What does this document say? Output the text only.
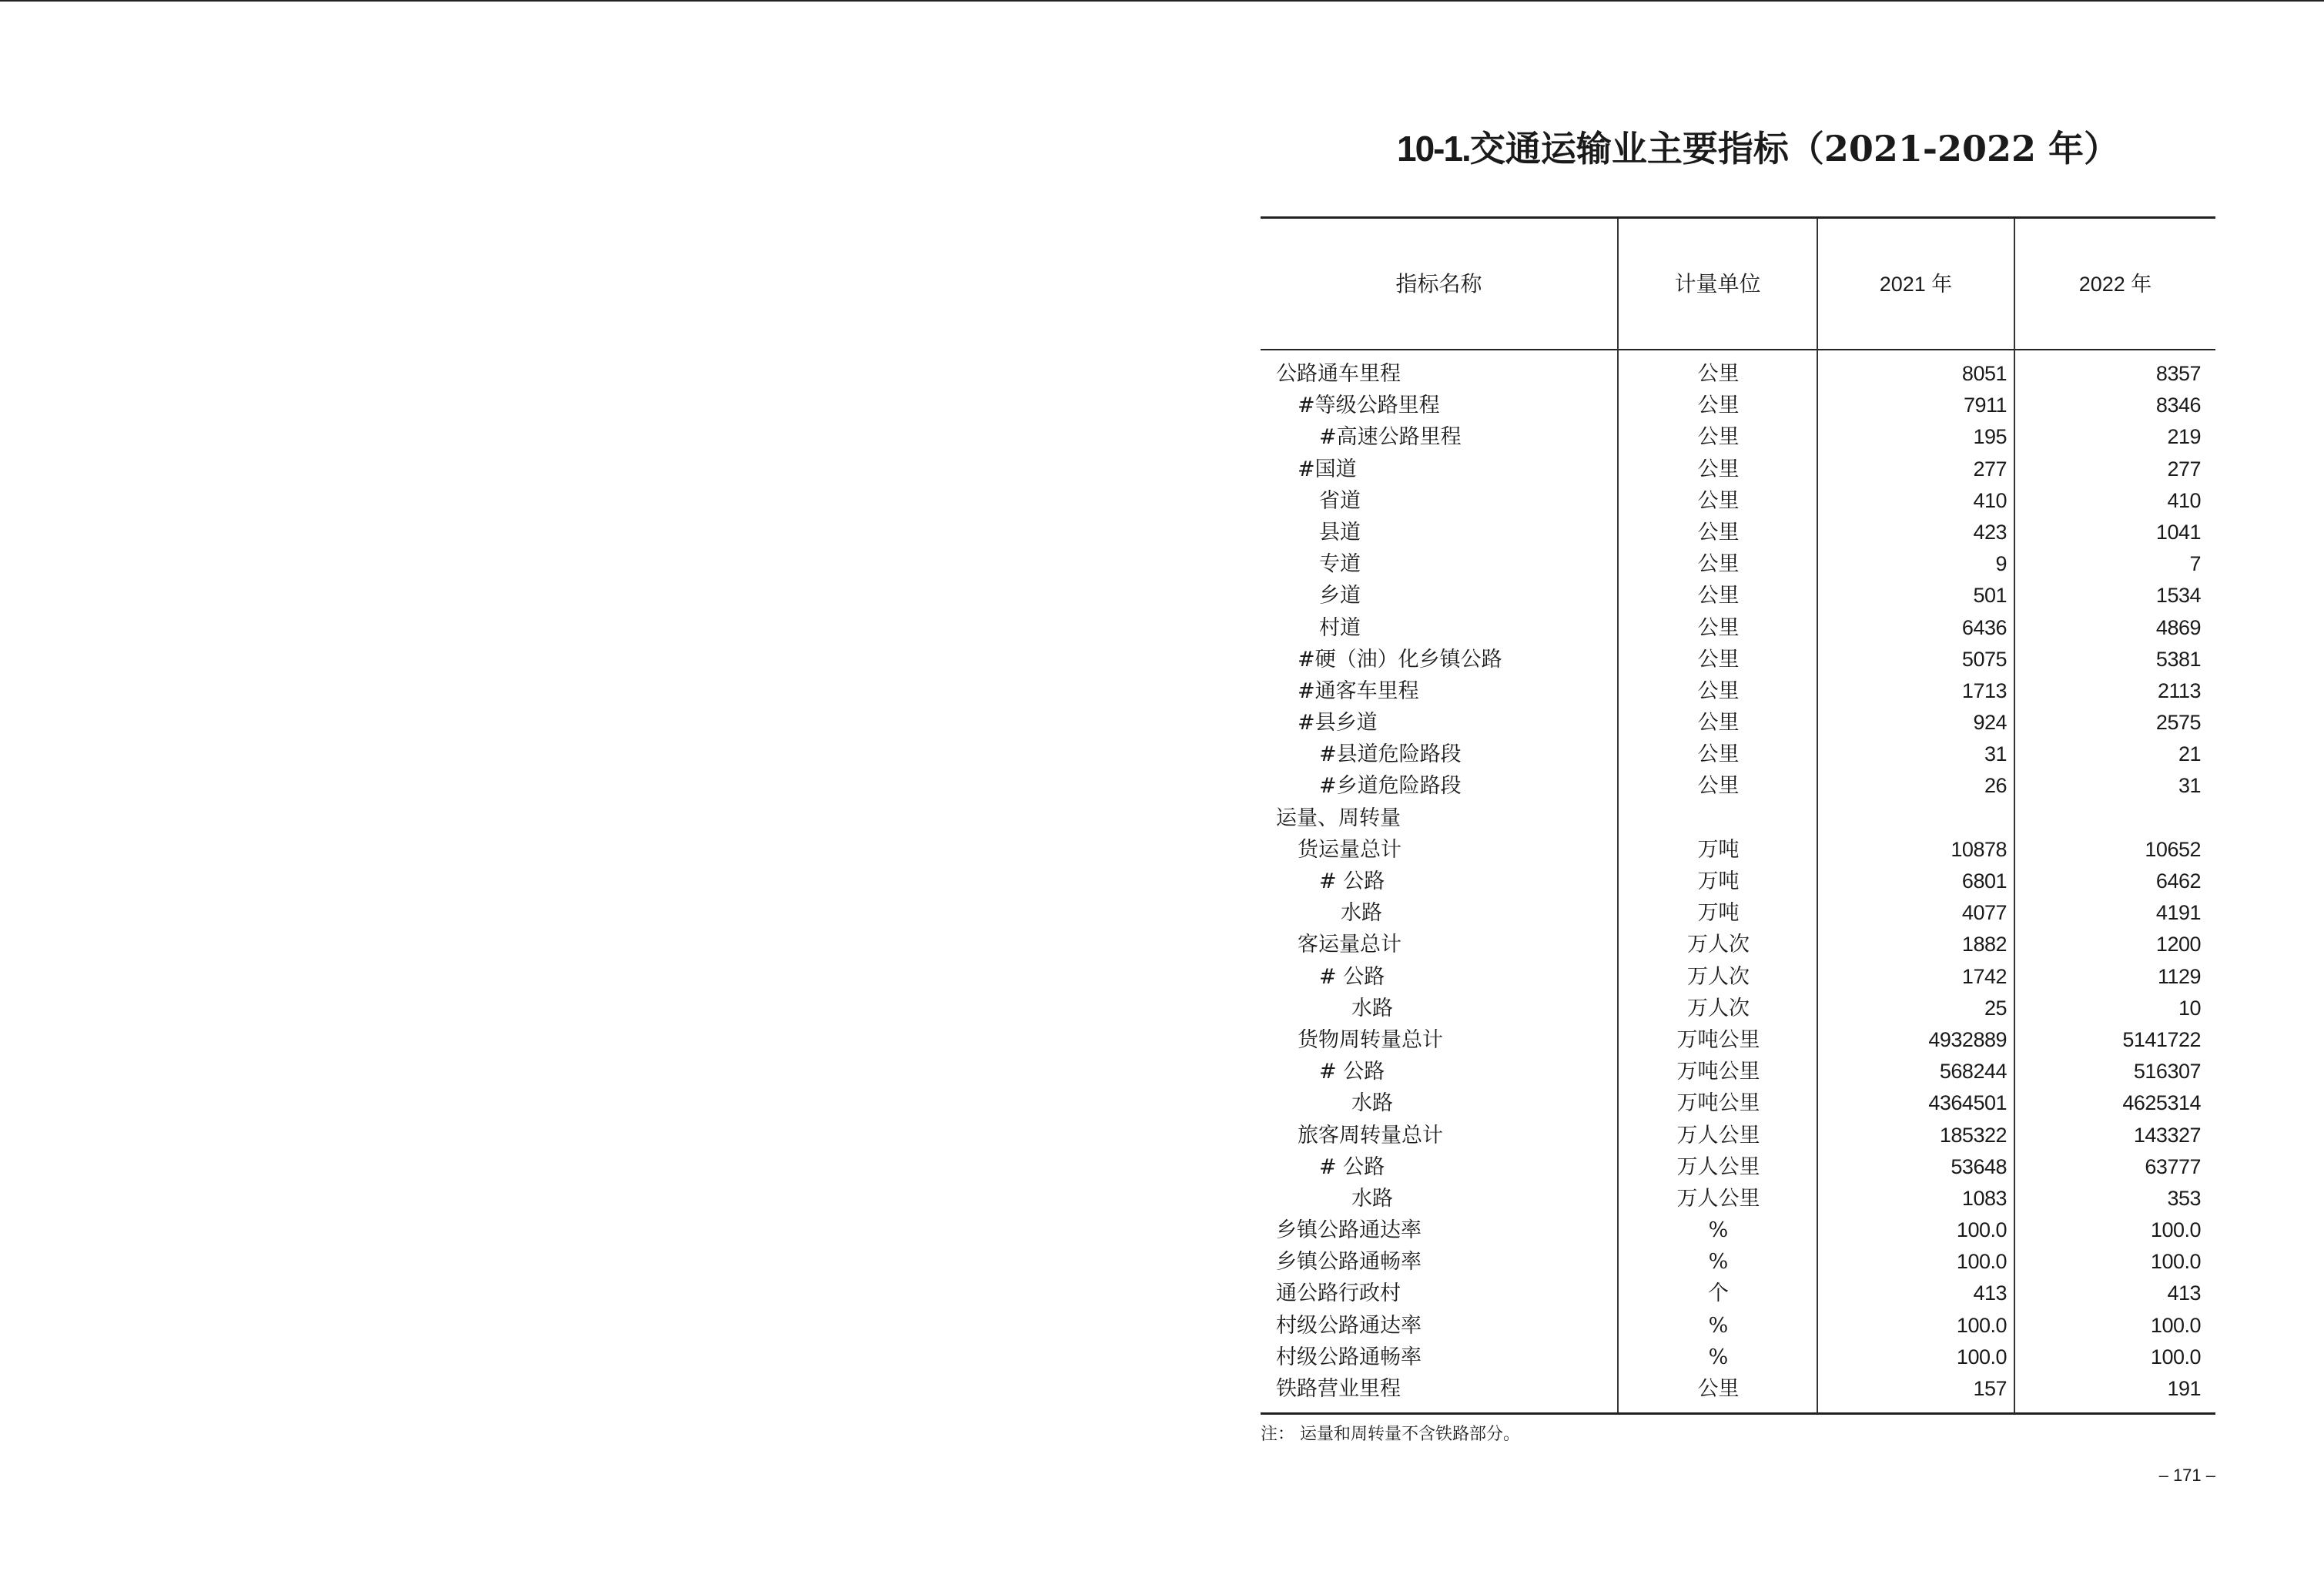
10-1.交通运输业主要指标（2021-2022 年）
指标名称	计量单位	2021 年	2022 年
公路通车里程	公里	8051	8357
#等级公路里程	公里	7911	8346
#高速公路里程	公里	195	219
#国道	公里	277	277
省道	公里	410	410
县道	公里	423	1041
专道	公里	9	7
乡道	公里	501	1534
村道	公里	6436	4869
#硬（油）化乡镇公路	公里	5075	5381
#通客车里程	公里	1713	2113
#县乡道	公里	924	2575
#县道危险路段	公里	31	21
#乡道危险路段	公里	26	31
运量、周转量
货运量总计	万吨	10878	10652
# 公路	万吨	6801	6462
水路	万吨	4077	4191
客运量总计	万人次	1882	1200
# 公路	万人次	1742	1129
水路	万人次	25	10
货物周转量总计	万吨公里	4932889	5141722
# 公路	万吨公里	568244	516307
水路	万吨公里	4364501	4625314
旅客周转量总计	万人公里	185322	143327
# 公路	万人公里	53648	63777
水路	万人公里	1083	353
乡镇公路通达率	%	100.0	100.0
乡镇公路通畅率	%	100.0	100.0
通公路行政村	个	413	413
村级公路通达率	%	100.0	100.0
村级公路通畅率	%	100.0	100.0
铁路营业里程	公里	157	191
注： 运量和周转量不含铁路部分。
– 171 –
